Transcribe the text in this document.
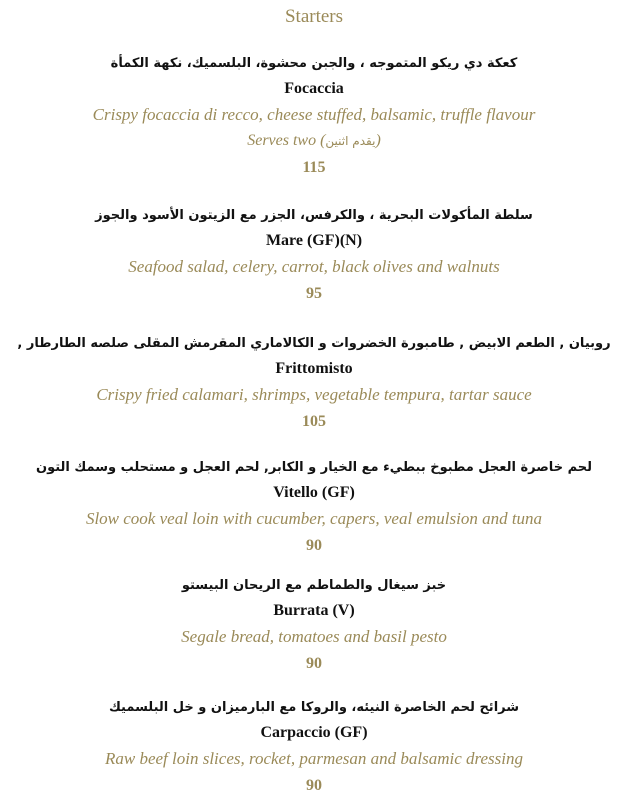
Starters
كعكة دي ريكو المتموجه ، والجبن محشوة، البلسميك، نكهة الكمأة
Focaccia
Crispy focaccia di recco, cheese stuffed, balsamic, truffle flavour
Serves two (يقدم اثنين)
115
سلطة المأكولات البحرية ، والكرفس، الجزر مع الزيتون الأسود والجوز
Mare (GF)(N)
Seafood salad, celery, carrot, black olives and walnuts
95
روبيان , الطعم الابيض , طامبورة الخضروات و الكالاماري المقرمش المقلى صلصه الطارطار ,
Frittomisto
Crispy fried calamari, shrimps, vegetable tempura, tartar sauce
105
لحم خاصرة العجل مطبوخ ببطيء مع الخيار و الكابر, لحم العجل و مستحلب وسمك التون
Vitello (GF)
Slow cook veal loin with cucumber, capers, veal emulsion and tuna
90
خبز سيغال والطماطم مع الريحان البيستو
Burrata (V)
Segale bread, tomatoes and basil pesto
90
شرائح لحم الخاصرة النيئه، والروكا مع البارميزان و خل البلسميك
Carpaccio (GF)
Raw beef loin slices, rocket, parmesan and balsamic dressing
90
